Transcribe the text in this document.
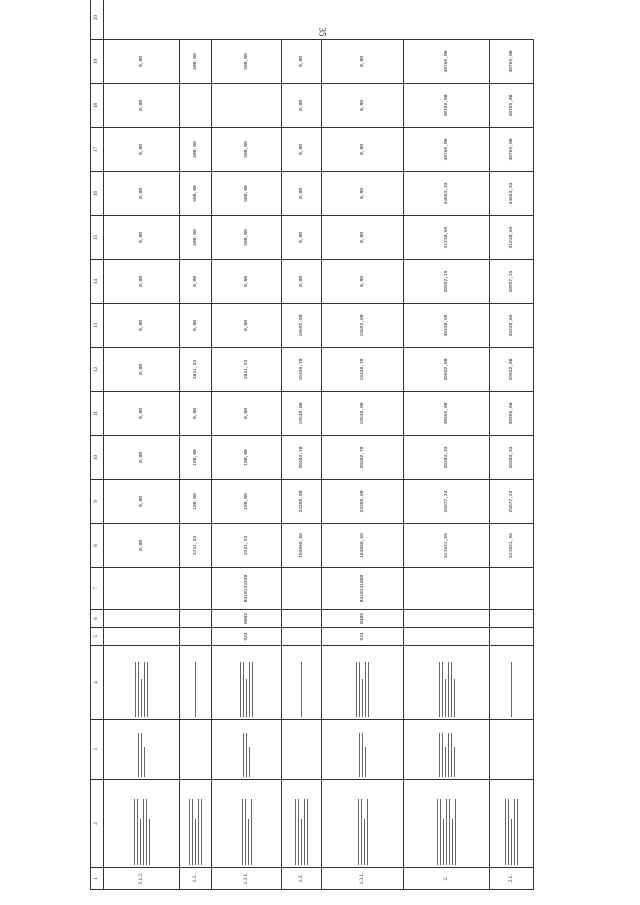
35
1	2	3	4	5	6	7	8	9	10	11	12	13	14	15	16	17	18	19	20
1.1.2.							0,00	0,00	0,00	0,00	0,00	0,00	0,00	0,00	0,00	0,00	0,00	0,00	
1.2.							3741,33	100,00	100,00	0,00	3641,33	0,00	0,00	500,00	500,00	500,00		500,00	
1.2.1.				924	0902	0410123290	3741,33	100,00	100,00	0,00	3641,33	0,00	0,00	500,00	500,00	500,00		500,00	
1.3.							183868,68	23388,80	20402,70	19548,00	19436,70	19692,80	0,00	0,00	0,00	0,00	0,00	0,00	
1.3.1.				924	0406	0410131080	183868,68	23388,80	20402,70	19548,00	19436,70	19692,80	0,00	0,00	0,00	0,00	0,00	0,00	
2.							511621,96	25577,24	38403,33	40995,80	39832,00	38438,68	38997,19	41210,69	44663,33	40769,00	40769,00	40769,00	
2.1.							511621,96	25577,24	38403,33	40995,80	39832,00	38438,68	38997,19	41210,69	44663,33	40769,00	40769,00	40769,00	
